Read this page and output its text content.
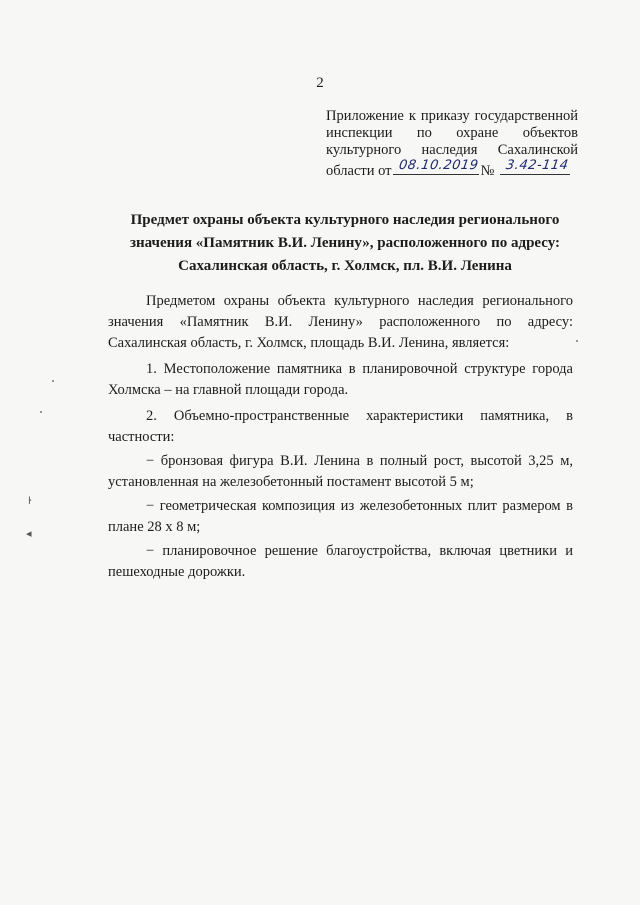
2
Приложение к приказу государственной
инспекции по охране объектов
культурного наследия Сахалинской
области от 08.10.2019 № 3.42-114
Предмет охраны объекта культурного наследия регионального значения «Памятник В.И. Ленину», расположенного по адресу: Сахалинская область, г. Холмск, пл. В.И. Ленина

Предметом охраны объекта культурного наследия регионального значения «Памятник В.И. Ленину» расположенного по адресу: Сахалинская область, г. Холмск, площадь В.И. Ленина, является:

1. Местоположение памятника в планировочной структуре города Холмска – на главной площади города.

2. Объемно-пространственные характеристики памятника, в частности:

− бронзовая фигура В.И. Ленина в полный рост, высотой 3,25 м, установленная на железобетонный постамент высотой 5 м;

− геометрическая композиция из железобетонных плит размером в плане 28 х 8 м;

− планировочное решение благоустройства, включая цветники и пешеходные дорожки.

ŀ
◂
